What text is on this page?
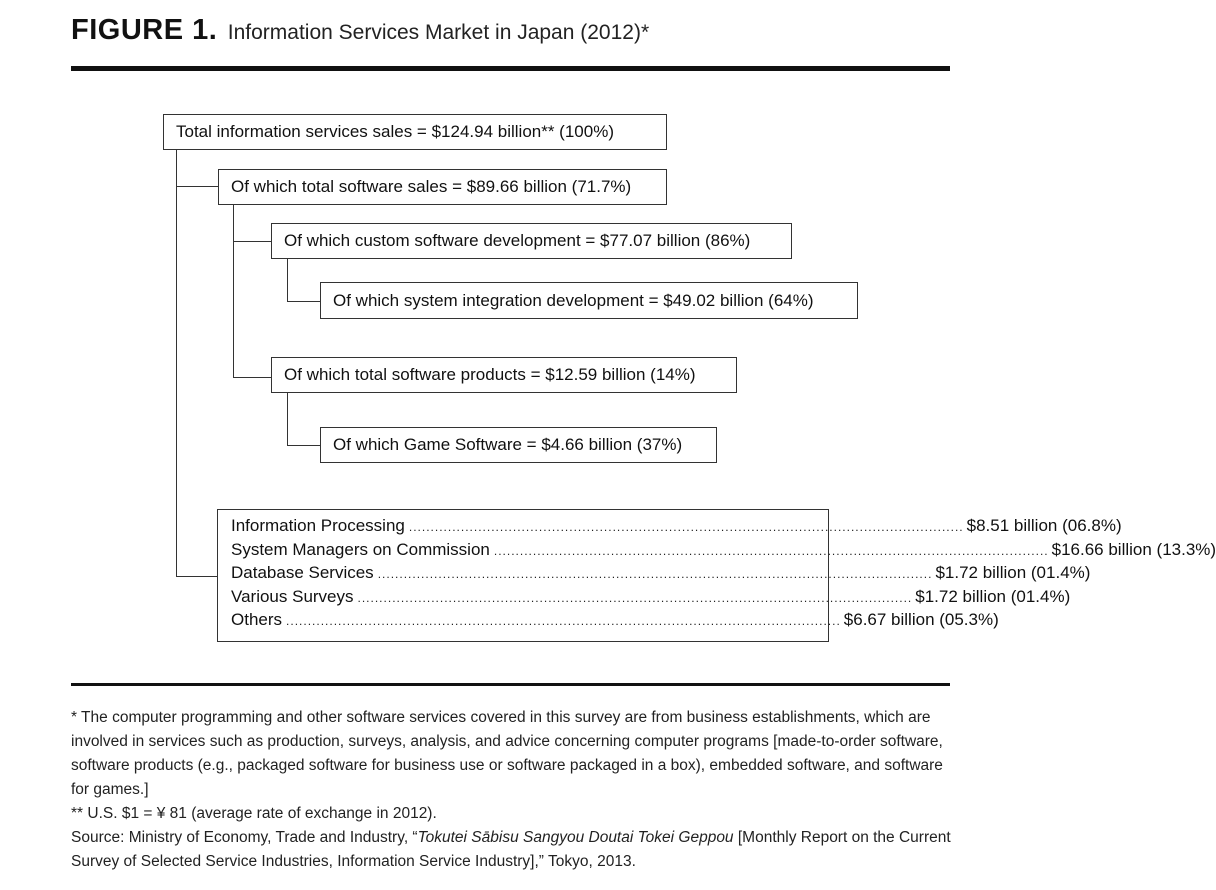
FIGURE 1. Information Services Market in Japan (2012)*
Total information services sales = $124.94 billion** (100%)
Of which total software sales = $89.66 billion (71.7%)
Of which custom software development = $77.07 billion (86%)
Of which system integration development = $49.02 billion (64%)
Of which total software products = $12.59 billion (14%)
Of which Game Software = $4.66 billion (37%)
Information Processing ................................................................................................................................ $8.51 billion (06.8%)
System Managers on Commission ................................................................................................................................ $16.66 billion (13.3%)
Database Services ................................................................................................................................ $1.72 billion (01.4%)
Various Surveys ................................................................................................................................ $1.72 billion (01.4%)
Others ................................................................................................................................ $6.67 billion (05.3%)

* The computer programming and other software services covered in this survey are from business establishments, which are involved in services such as production, surveys, analysis, and advice concerning computer programs [made-to-order software, software products (e.g., packaged software for business use or software packaged in a box), embedded software, and software for games.]

** U.S. $1 = ¥ 81 (average rate of exchange in 2012).

Source: Ministry of Economy, Trade and Industry, “Tokutei Sābisu Sangyou Doutai Tokei Geppou [Monthly Report on the Current Survey of Selected Service Industries, Information Service Industry],” Tokyo, 2013.
